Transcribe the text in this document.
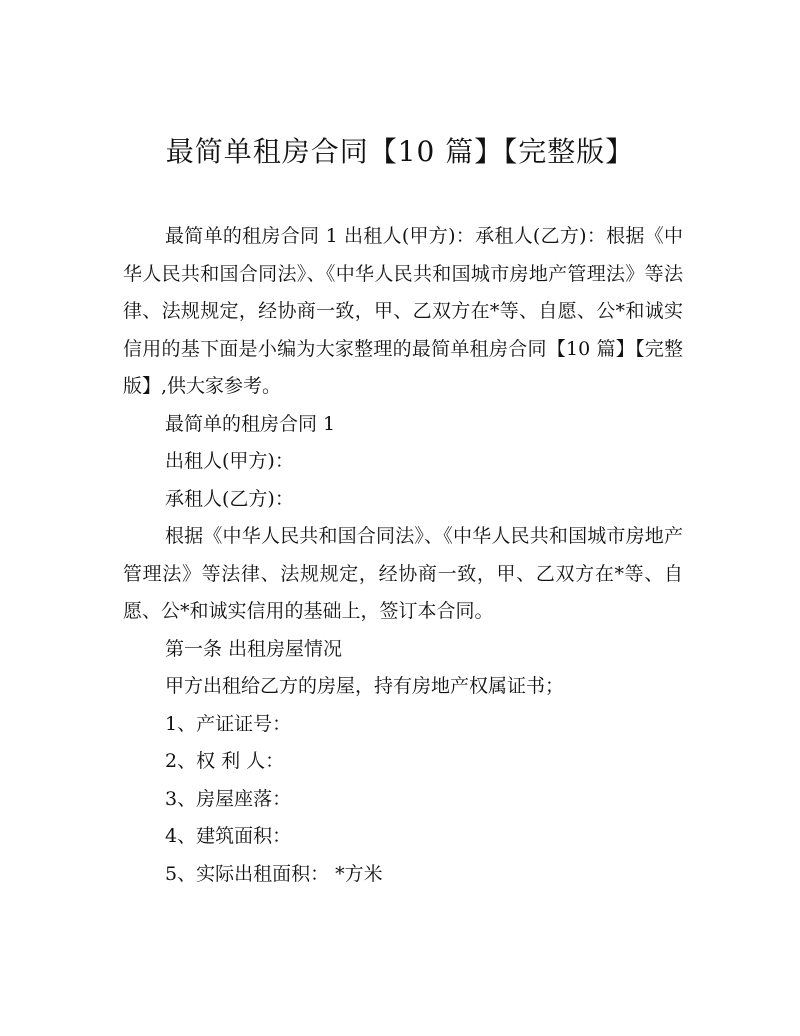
最简单租房合同【10 篇】【完整版】

最简单的租房合同 1 出租人(甲方)：承租人(乙方)：根据《中华人民共和国合同法》、《中华人民共和国城市房地产管理法》等法律、法规规定，经协商一致，甲、乙双方在*等、自愿、公*和诚实信用的基下面是小编为大家整理的最简单租房合同【10 篇】【完整版】,供大家参考。

最简单的租房合同 1

出租人(甲方)：

承租人(乙方)：

根据《中华人民共和国合同法》、《中华人民共和国城市房地产管理法》等法律、法规规定，经协商一致，甲、乙双方在*等、自愿、公*和诚实信用的基础上，签订本合同。

第一条 出租房屋情况

甲方出租给乙方的房屋，持有房地产权属证书；

1、产证证号：

2、权 利 人：

3、房屋座落：

4、建筑面积：

5、实际出租面积： *方米
